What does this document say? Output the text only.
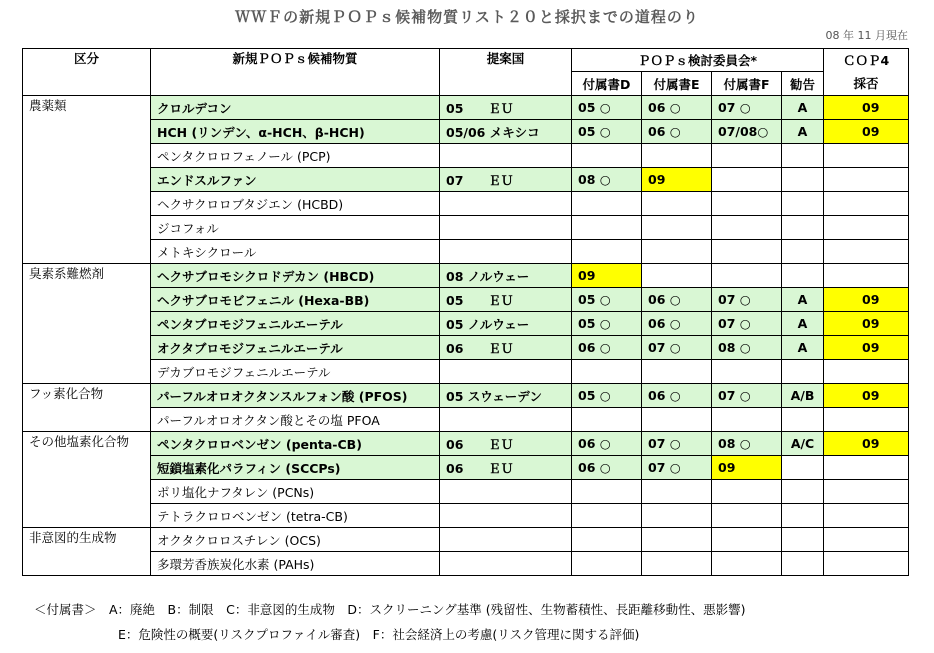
ＷＷＦの新規ＰＯＰｓ候補物質リスト２０と採択までの道程のり
08 年 11 月現在
区分	新規ＰＯＰｓ候補物質	提案国	ＰＯＰｓ検討委員会*				ＣＯＰ4
			付属書D	付属書E	付属書F	勧告	採否
農薬類	クロルデコン	05　　ＥＵ	05 ○	06 ○	07 ○	A	09
	HCH (リンデン、α-HCH、β-HCH)	05/06 メキシコ	05 ○	06 ○	07/08○	A	09
	ペンタクロロフェノール (PCP)						
	エンドスルファン	07　　ＥＵ	08 ○	09			
	ヘクサクロロブタジエン (HCBD)						
	ジコフォル						
	メトキシクロール						
臭素系難燃剤	ヘクサブロモシクロドデカン (HBCD)	08 ノルウェー	09				
	ヘクサブロモビフェニル (Hexa-BB)	05　　ＥＵ	05 ○	06 ○	07 ○	A	09
	ペンタブロモジフェニルエーテル	05 ノルウェー	05 ○	06 ○	07 ○	A	09
	オクタブロモジフェニルエーテル	06　　ＥＵ	06 ○	07 ○	08 ○	A	09
	デカブロモジフェニルエーテル						
フッ素化合物	パーフルオロオクタンスルフォン酸 (PFOS)	05 スウェーデン	05 ○	06 ○	07 ○	A/B	09
	パーフルオロオクタン酸とその塩 PFOA						
その他塩素化合物	ペンタクロロベンゼン (penta-CB)	06　　ＥＵ	06 ○	07 ○	08 ○	A/C	09
	短鎖塩素化パラフィン (SCCPs)	06　　ＥＵ	06 ○	07 ○	09		
	ポリ塩化ナフタレン (PCNs)						
	テトラクロロベンゼン (tetra-CB)						
非意図的生成物	オクタクロロスチレン (OCS)						
	多環芳香族炭化水素 (PAHs)						
＜付属書＞　A：廃絶　B：制限　C：非意図的生成物　D：スクリーニング基準 (残留性、生物蓄積性、長距離移動性、悪影響)
E：危険性の概要(リスクプロファイル審査)　F：社会経済上の考慮(リスク管理に関する評価)
